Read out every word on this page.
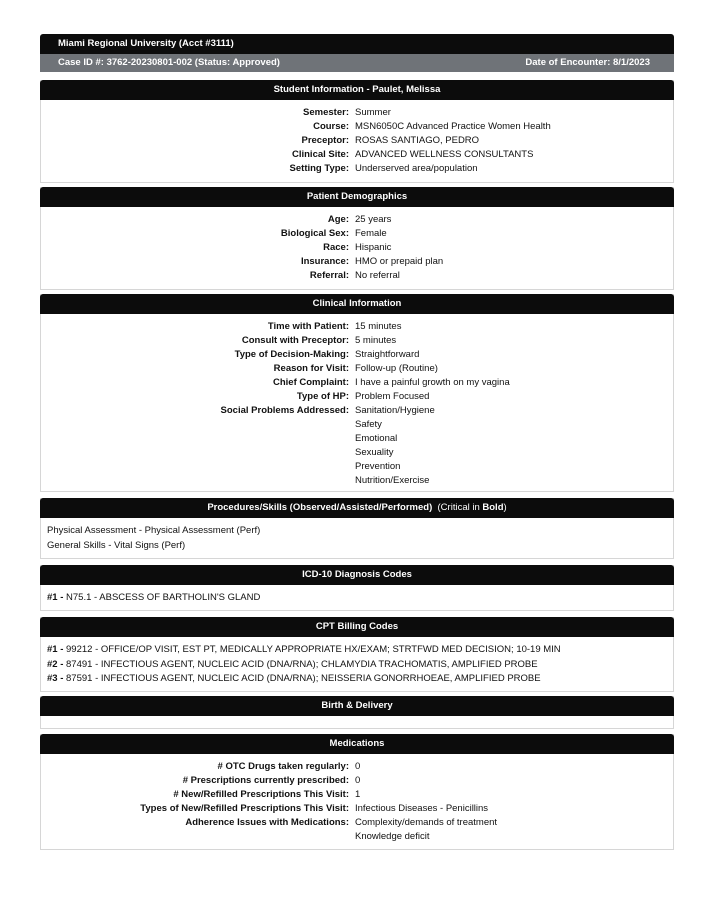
Miami Regional University (Acct #3111)
Case ID #: 3762-20230801-002 (Status: Approved)	Date of Encounter: 8/1/2023
Student Information - Paulet, Melissa
Semester: Summer
Course: MSN6050C Advanced Practice Women Health
Preceptor: ROSAS SANTIAGO, PEDRO
Clinical Site: ADVANCED WELLNESS CONSULTANTS
Setting Type: Underserved area/population
Patient Demographics
Age: 25 years
Biological Sex: Female
Race: Hispanic
Insurance: HMO or prepaid plan
Referral: No referral
Clinical Information
Time with Patient: 15 minutes
Consult with Preceptor: 5 minutes
Type of Decision-Making: Straightforward
Reason for Visit: Follow-up (Routine)
Chief Complaint: I have a painful growth on my vagina
Type of HP: Problem Focused
Social Problems Addressed: Sanitation/Hygiene
Safety
Emotional
Sexuality
Prevention
Nutrition/Exercise
Procedures/Skills (Observed/Assisted/Performed) (Critical in Bold)
Physical Assessment - Physical Assessment (Perf)
General Skills - Vital Signs (Perf)
ICD-10 Diagnosis Codes
#1 - N75.1 - ABSCESS OF BARTHOLIN'S GLAND
CPT Billing Codes
#1 - 99212 - OFFICE/OP VISIT, EST PT, MEDICALLY APPROPRIATE HX/EXAM; STRTFWD MED DECISION; 10-19 MIN
#2 - 87491 - INFECTIOUS AGENT, NUCLEIC ACID (DNA/RNA); CHLAMYDIA TRACHOMATIS, AMPLIFIED PROBE
#3 - 87591 - INFECTIOUS AGENT, NUCLEIC ACID (DNA/RNA); NEISSERIA GONORRHOEAE, AMPLIFIED PROBE
Birth & Delivery
Medications
# OTC Drugs taken regularly: 0
# Prescriptions currently prescribed: 0
# New/Refilled Prescriptions This Visit: 1
Types of New/Refilled Prescriptions This Visit: Infectious Diseases - Penicillins
Adherence Issues with Medications: Complexity/demands of treatment
Knowledge deficit
